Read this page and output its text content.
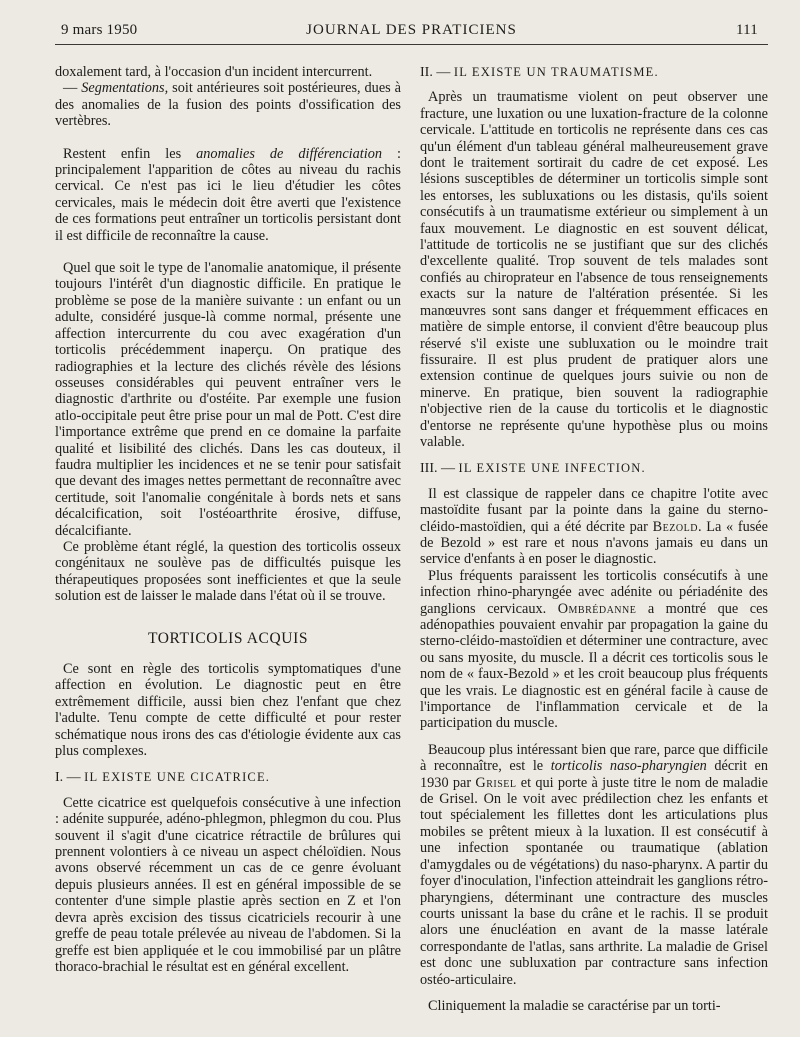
9 mars 1950	JOURNAL DES PRATICIENS	111

doxalement tard, à l'occasion d'un incident intercurrent.

— Segmentations, soit antérieures soit postérieures, dues à des anomalies de la fusion des points d'ossification des vertèbres.

Restent enfin les anomalies de différenciation : principalement l'apparition de côtes au niveau du rachis cervical. Ce n'est pas ici le lieu d'étudier les côtes cervicales, mais le médecin doit être averti que l'existence de ces formations peut entraîner un torticolis persistant dont il est difficile de reconnaître la cause.

Quel que soit le type de l'anomalie anatomique, il présente toujours l'intérêt d'un diagnostic difficile. En pratique le problème se pose de la manière suivante : un enfant ou un adulte, considéré jusque-là comme normal, présente une affection intercurrente du cou avec exagération d'un torticolis précédemment inaperçu. On pratique des radiographies et la lecture des clichés révèle des lésions osseuses considérables qui peuvent entraîner vers le diagnostic d'arthrite ou d'ostéite. Par exemple une fusion atlo-occipitale peut être prise pour un mal de Pott. C'est dire l'importance extrême que prend en ce domaine la parfaite qualité et lisibilité des clichés. Dans les cas douteux, il faudra multiplier les incidences et ne se tenir pour satisfait que devant des images nettes permettant de reconnaître avec certitude, soit l'anomalie congénitale à bords nets et sans décalcification, soit l'ostéoarthrite érosive, diffuse, décalcifiante.

Ce problème étant réglé, la question des torticolis osseux congénitaux ne soulève pas de difficultés puisque les thérapeutiques proposées sont inefficientes et que la seule solution est de laisser le malade dans l'état où il se trouve.

TORTICOLIS ACQUIS

Ce sont en règle des torticolis symptomatiques d'une affection en évolution. Le diagnostic peut en être extrêmement difficile, aussi bien chez l'enfant que chez l'adulte. Tenu compte de cette difficulté et pour rester schématique nous irons des cas d'étiologie évidente aux cas plus complexes.

I. — IL EXISTE UNE CICATRICE.

Cette cicatrice est quelquefois consécutive à une infection : adénite suppurée, adéno-phlegmon, phlegmon du cou. Plus souvent il s'agit d'une cicatrice rétractile de brûlures qui prennent volontiers à ce niveau un aspect chéloïdien. Nous avons observé récemment un cas de ce genre évoluant depuis plusieurs années. Il est en général impossible de se contenter d'une simple plastie après section en Z et l'on devra après excision des tissus cicatriciels recourir à une greffe de peau totale prélevée au niveau de l'abdomen. Si la greffe est bien appliquée et le cou immobilisé par un plâtre thoraco-brachial le résultat est en général excellent.

II. — IL EXISTE UN TRAUMATISME.

Après un traumatisme violent on peut observer une fracture, une luxation ou une luxation-fracture de la colonne cervicale. L'attitude en torticolis ne représente dans ces cas qu'un élément d'un tableau général malheureusement grave dont le traitement sortirait du cadre de cet exposé. Les lésions susceptibles de déterminer un torticolis simple sont les entorses, les subluxations ou les distasis, qu'ils soient consécutifs à un traumatisme extérieur ou simplement à un faux mouvement. Le diagnostic en est souvent délicat, l'attitude de torticolis ne se justifiant que sur des clichés d'excellente qualité. Trop souvent de tels malades sont confiés au chiroprateur en l'absence de tous renseignements exacts sur la nature de l'altération présentée. Si les manœuvres sont sans danger et fréquemment efficaces en matière de simple entorse, il convient d'être beaucoup plus réservé s'il existe une subluxation ou le moindre trait fissuraire. Il est plus prudent de pratiquer alors une extension continue de quelques jours suivie ou non de minerve. En pratique, bien souvent la radiographie n'objective rien de la cause du torticolis et le diagnostic d'entorse ne représente qu'une hypothèse plus ou moins valable.

III. — IL EXISTE UNE INFECTION.

Il est classique de rappeler dans ce chapitre l'otite avec mastoïdite fusant par la pointe dans la gaine du sterno-cléido-mastoïdien, qui a été décrite par Bezold. La « fusée de Bezold » est rare et nous n'avons jamais eu dans un service d'enfants à en poser le diagnostic.

Plus fréquents paraissent les torticolis consécutifs à une infection rhino-pharyngée avec adénite ou périadénite des ganglions cervicaux. Ombrédanne a montré que ces adénopathies pouvaient envahir par propagation la gaine du sterno-cléido-mastoïdien et déterminer une contracture, avec ou sans myosite, du muscle. Il a décrit ces torticolis sous le nom de « faux-Bezold » et les croit beaucoup plus fréquents que les vrais. Le diagnostic est en général facile à cause de l'importance de l'inflammation cervicale et de la participation du muscle.

Beaucoup plus intéressant bien que rare, parce que difficile à reconnaître, est le torticolis naso-pharyngien décrit en 1930 par Grisel et qui porte à juste titre le nom de maladie de Grisel. On le voit avec prédilection chez les enfants et tout spécialement les fillettes dont les articulations plus mobiles se prêtent mieux à la luxation. Il est consécutif à une infection spontanée ou traumatique (ablation d'amygdales ou de végétations) du naso-pharynx. A partir du foyer d'inoculation, l'infection atteindrait les ganglions rétro-pharyngiens, déterminant une contracture des muscles courts unissant la base du crâne et le rachis. Il se produit alors une énucléation en avant de la masse latérale correspondante de l'atlas, sans arthrite. La maladie de Grisel est donc une subluxation par contracture sans infection ostéo-articulaire.

Cliniquement la maladie se caractérise par un torti-
